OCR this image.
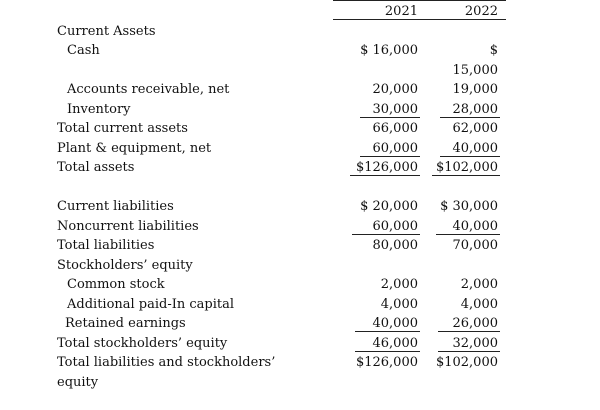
2021	2022
Current Assets
Cash
Accounts receivable, net
Inventory
Total current assets
Plant & equipment, net
Total assets
Current liabilities
Noncurrent liabilities
Total liabilities
Stockholders’ equity
Common stock
Additional paid-In capital
Retained earnings
Total stockholders’ equity
Total liabilities and stockholders’
equity
$ 16,000
20,000
30,000
66,000
60,000
$126,000
$ 20,000
60,000
80,000
2,000
4,000
40,000
46,000
$126,000
$
15,000
19,000
28,000
62,000
40,000
$102,000
$ 30,000
40,000
70,000
2,000
4,000
26,000
32,000
$102,000
